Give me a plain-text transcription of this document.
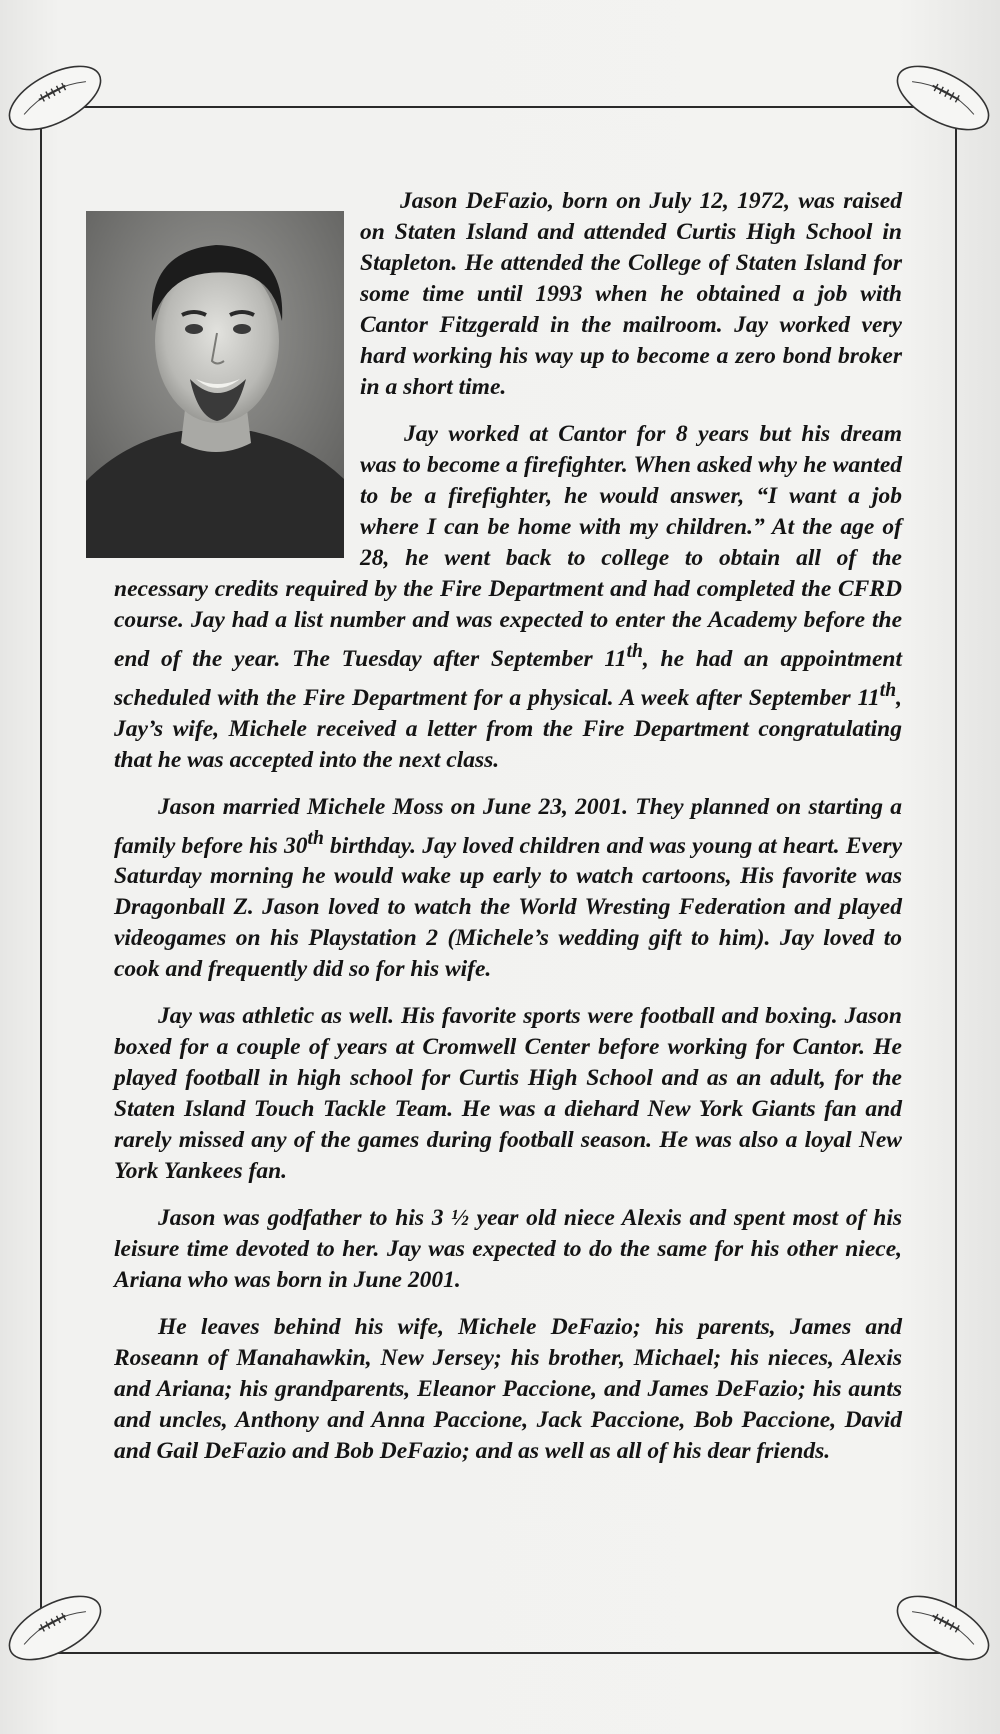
Jason DeFazio, born on July 12, 1972, was raised on Staten Island and attended Curtis High School in Stapleton. He attended the College of Staten Island for some time until 1993 when he obtained a job with Cantor Fitzgerald in the mailroom. Jay worked very hard working his way up to become a zero bond broker in a short time.

Jay worked at Cantor for 8 years but his dream was to become a firefighter. When asked why he wanted to be a firefighter, he would answer, “I want a job where I can be home with my children.” At the age of 28, he went back to college to obtain all of the necessary credits required by the Fire Department and had completed the CFRD course. Jay had a list number and was expected to enter the Academy before the end of the year. The Tuesday after September 11th, he had an appointment scheduled with the Fire Department for a physical. A week after September 11th, Jay’s wife, Michele received a letter from the Fire Department congratulating that he was accepted into the next class.

Jason married Michele Moss on June 23, 2001. They planned on starting a family before his 30th birthday. Jay loved children and was young at heart. Every Saturday morning he would wake up early to watch cartoons, His favorite was Dragonball Z. Jason loved to watch the World Wresting Federation and played videogames on his Playstation 2 (Michele’s wedding gift to him). Jay loved to cook and frequently did so for his wife.

Jay was athletic as well. His favorite sports were football and boxing. Jason boxed for a couple of years at Cromwell Center before working for Cantor. He played football in high school for Curtis High School and as an adult, for the Staten Island Touch Tackle Team. He was a diehard New York Giants fan and rarely missed any of the games during football season. He was also a loyal New York Yankees fan.

Jason was godfather to his 3 ½ year old niece Alexis and spent most of his leisure time devoted to her. Jay was expected to do the same for his other niece, Ariana who was born in June 2001.

He leaves behind his wife, Michele DeFazio; his parents, James and Roseann of Manahawkin, New Jersey; his brother, Michael; his nieces, Alexis and Ariana; his grandparents, Eleanor Paccione, and James DeFazio; his aunts and uncles, Anthony and Anna Paccione, Jack Paccione, Bob Paccione, David and Gail DeFazio and Bob DeFazio; and as well as all of his dear friends.
